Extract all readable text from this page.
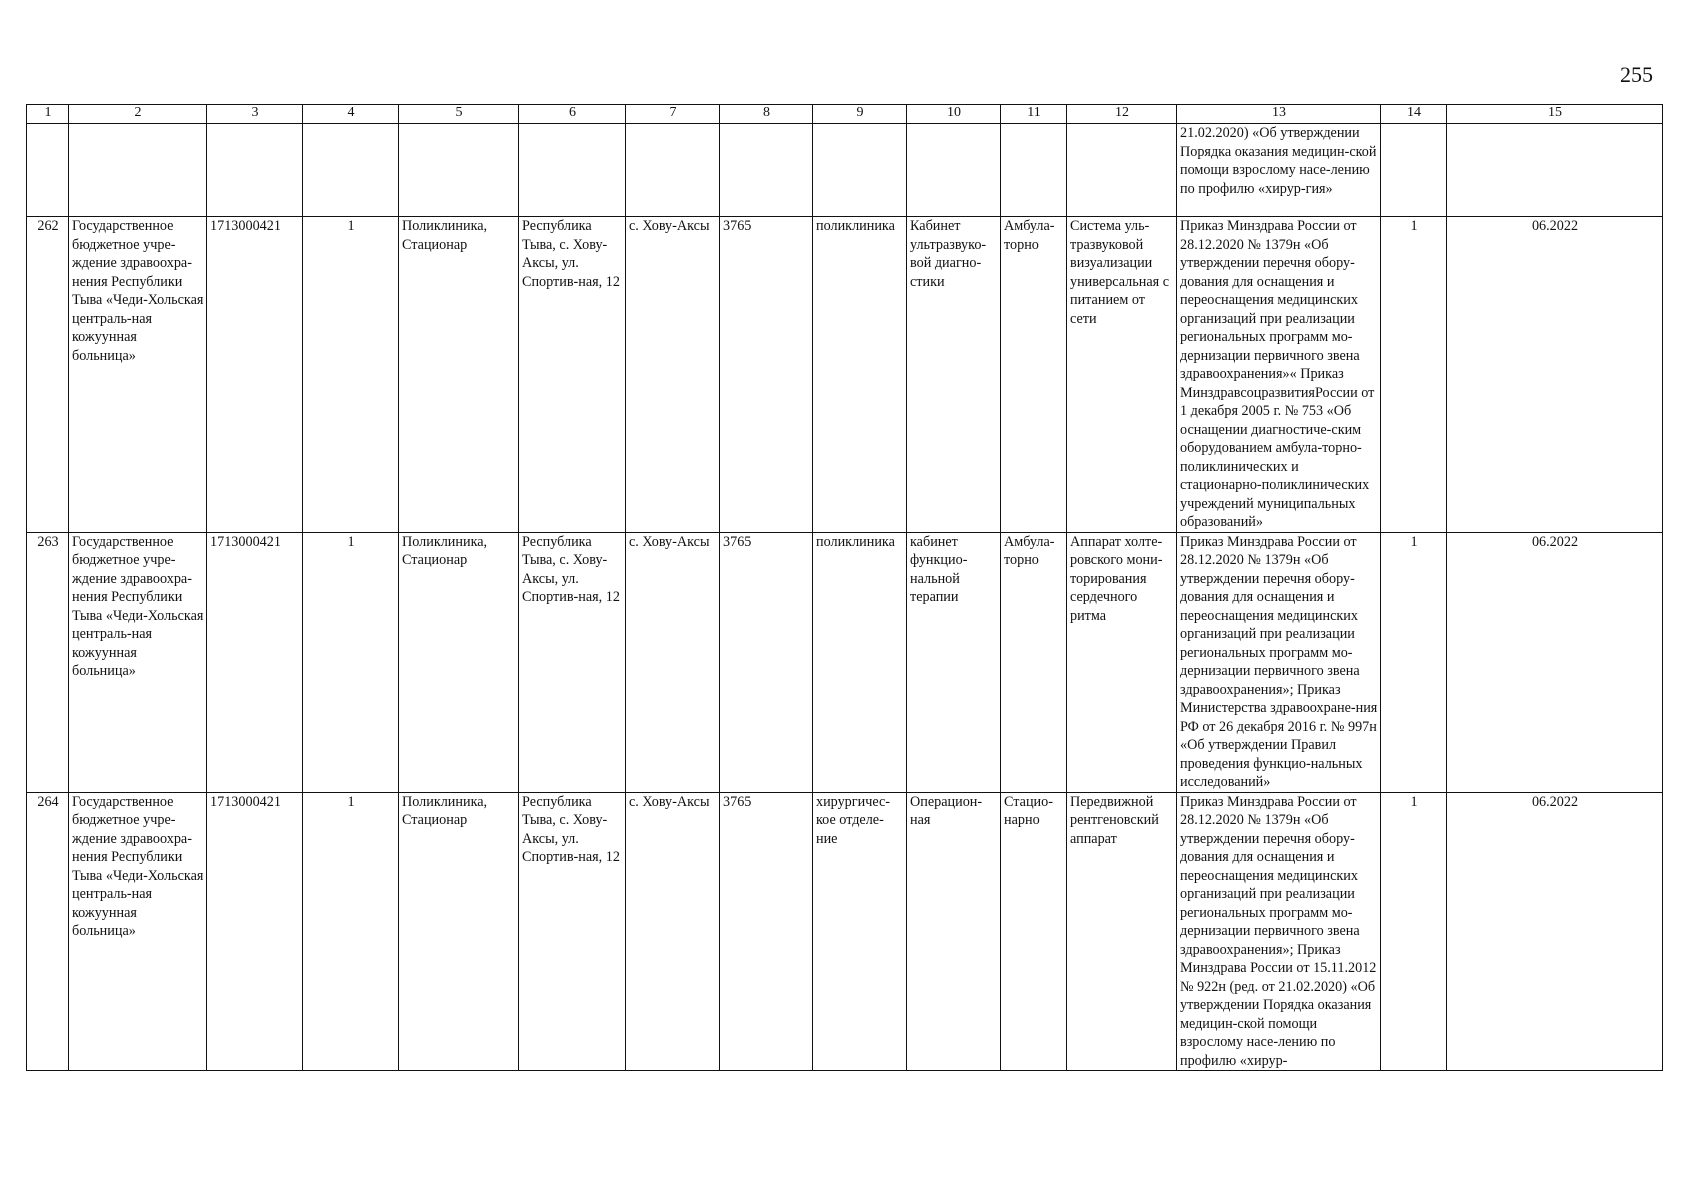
255
1	2	3	4	5	6	7	8	9	10	11	12	13	14	15
												21.02.2020) «Об утверждении Порядка оказания медицин-ской помощи взрослому насе-лению по профилю «хирур-гия»		
262	Государственное бюджетное учре-ждение здравоохра-нения Республики Тыва «Чеди-Хольская централь-ная кожуунная больница»	1713000421	1	Поликлиника, Стационар	Республика Тыва, с. Хову-Аксы, ул. Спортив-ная, 12	с. Хову-Аксы	3765	поликлиника	Кабинет ультразвуко-вой диагно-стики	Амбула-торно	Система уль-тразвуковой визуализации универсальная с питанием от сети	Приказ Минздрава России от 28.12.2020 № 1379н «Об утверждении перечня обору-дования для оснащения и переоснащения медицинских организаций при реализации региональных программ мо-дернизации первичного звена здравоохранения»« Приказ МинздравсоцразвитияРоссии от 1 декабря 2005 г. № 753 «Об оснащении диагностиче-ским оборудованием амбула-торно-поликлинических и стационарно-поликлинических учреждений муниципальных образований»	1	06.2022
263	Государственное бюджетное учре-ждение здравоохра-нения Республики Тыва «Чеди-Хольская централь-ная кожуунная больница»	1713000421	1	Поликлиника, Стационар	Республика Тыва, с. Хову-Аксы, ул. Спортив-ная, 12	с. Хову-Аксы	3765	поликлиника	кабинет функцио-нальной терапии	Амбула-торно	Аппарат холте-ровского мони-торирования сердечного ритма	Приказ Минздрава России от 28.12.2020 № 1379н «Об утверждении перечня обору-дования для оснащения и переоснащения медицинских организаций при реализации региональных программ мо-дернизации первичного звена здравоохранения»; Приказ Министерства здравоохране-ния РФ от 26 декабря 2016 г. № 997н «Об утверждении Правил проведения функцио-нальных исследований»	1	06.2022
264	Государственное бюджетное учре-ждение здравоохра-нения Республики Тыва «Чеди-Хольская централь-ная кожуунная больница»	1713000421	1	Поликлиника, Стационар	Республика Тыва, с. Хову-Аксы, ул. Спортив-ная, 12	с. Хову-Аксы	3765	хирургичес-кое отделе-ние	Операцион-ная	Стацио-нарно	Передвижной рентгеновский аппарат	Приказ Минздрава России от 28.12.2020 № 1379н «Об утверждении перечня обору-дования для оснащения и переоснащения медицинских организаций при реализации региональных программ мо-дернизации первичного звена здравоохранения»; Приказ Минздрава России от 15.11.2012 № 922н (ред. от 21.02.2020) «Об утверждении Порядка оказания медицин-ской помощи взрослому насе-лению по профилю «хирур-	1	06.2022
